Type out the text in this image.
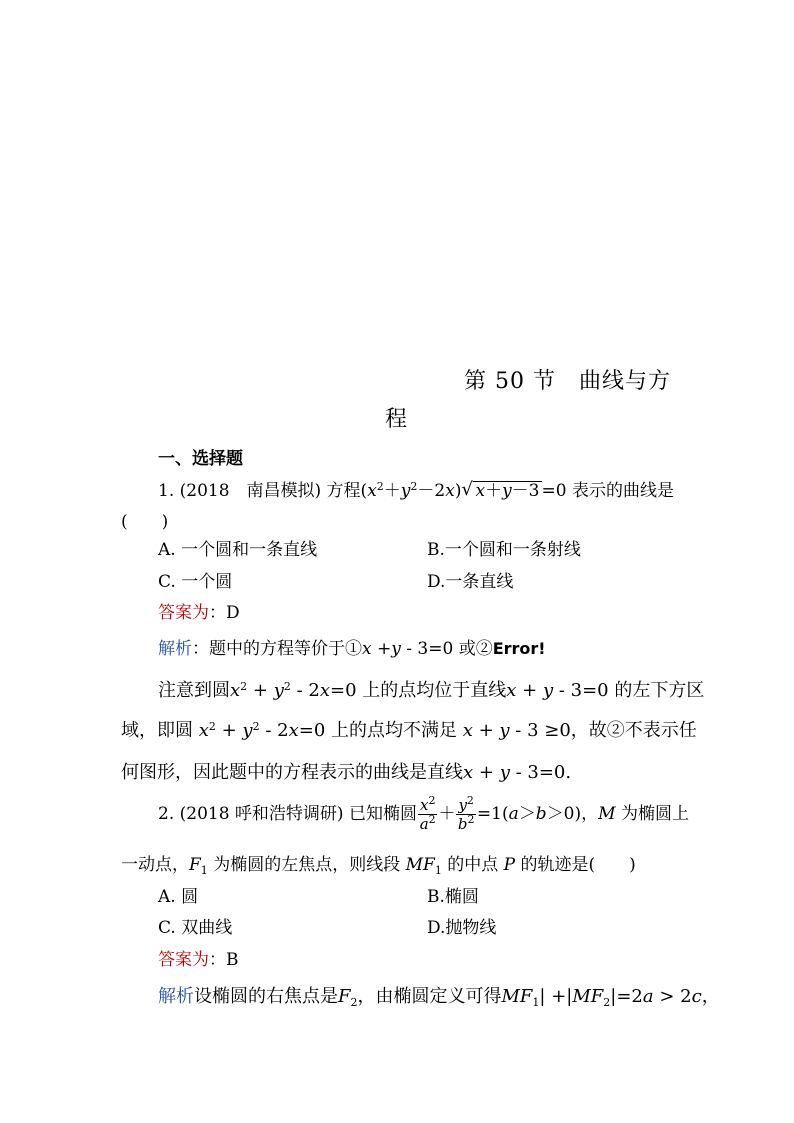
第 50 节　曲线与方
程
一、选择题
1. (2018　南昌模拟) 方程$(x^2+y^2-2x)$ √ x＋y－3 =0 表示的曲线是
(　　)
A. 一个圆和一条直线	B.一个圆和一条射线
C. 一个圆	D.一条直线
答案为：D
解析：题中的方程等价于①x +y - 3=0 或②Error!
注意到圆$x^2 + y^2 - 2x=0$ 上的点均位于直线x + y - 3=0 的左下方区
域，即圆 $x^2 + y^2 - 2x=0$ 上的点均不满足 x + y - 3 ≥0，故②不表示任
何图形，因此题中的方程表示的曲线是直线x + y - 3=0.
2. (2018 呼和浩特调研) 已知椭圆 $\frac{x^2}{a^2} + \frac{y^2}{b^2} =1(a>b>0)$，M 为椭圆上
一动点，$F_1$ 为椭圆的左焦点，则线段 $MF_1$ 的中点 P 的轨迹是(　　)
A. 圆	B.椭圆
C. 双曲线	D.抛物线
答案为：B
解析设椭圆的右焦点是$F_2$，由椭圆定义可得$MF_1| +|MF_2|=2a > 2c$，
